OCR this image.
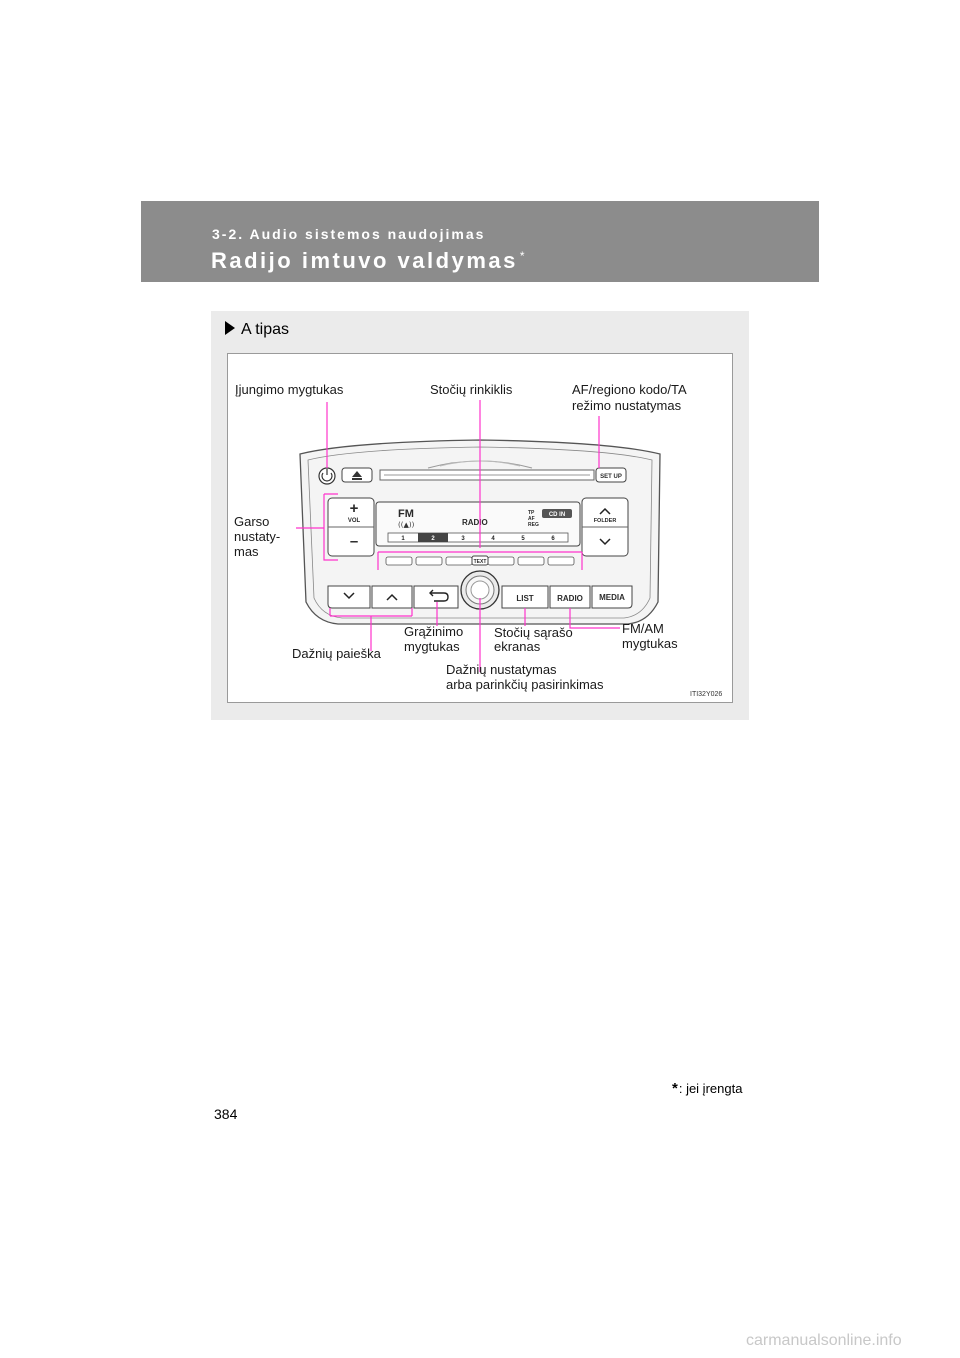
3-2. Audio sistemos naudojimas
Radijo imtuvo valdymas *
A tipas
SET UP
+
VOL
–
FM
((▲))	RADIO
TP
AF
REG
CD IN
1	2	3	4	5	6
FOLDER
TEXT
LIST	RADIO MEDIA
Įjungimo mygtukas	Stočių rinkiklis	AF/regiono kodo/TA
režimo nustatymas
Garso
nustaty-
mas
Dažnių paieška
Grąžinimo
mygtukas
Stočių sąrašo
ekranas
FM/AM
mygtukas
Dažnių nustatymas
arba parinkčių pasirinkimas
ITI32Y026
*: jei įrengta
384
carmanualsonline.info
